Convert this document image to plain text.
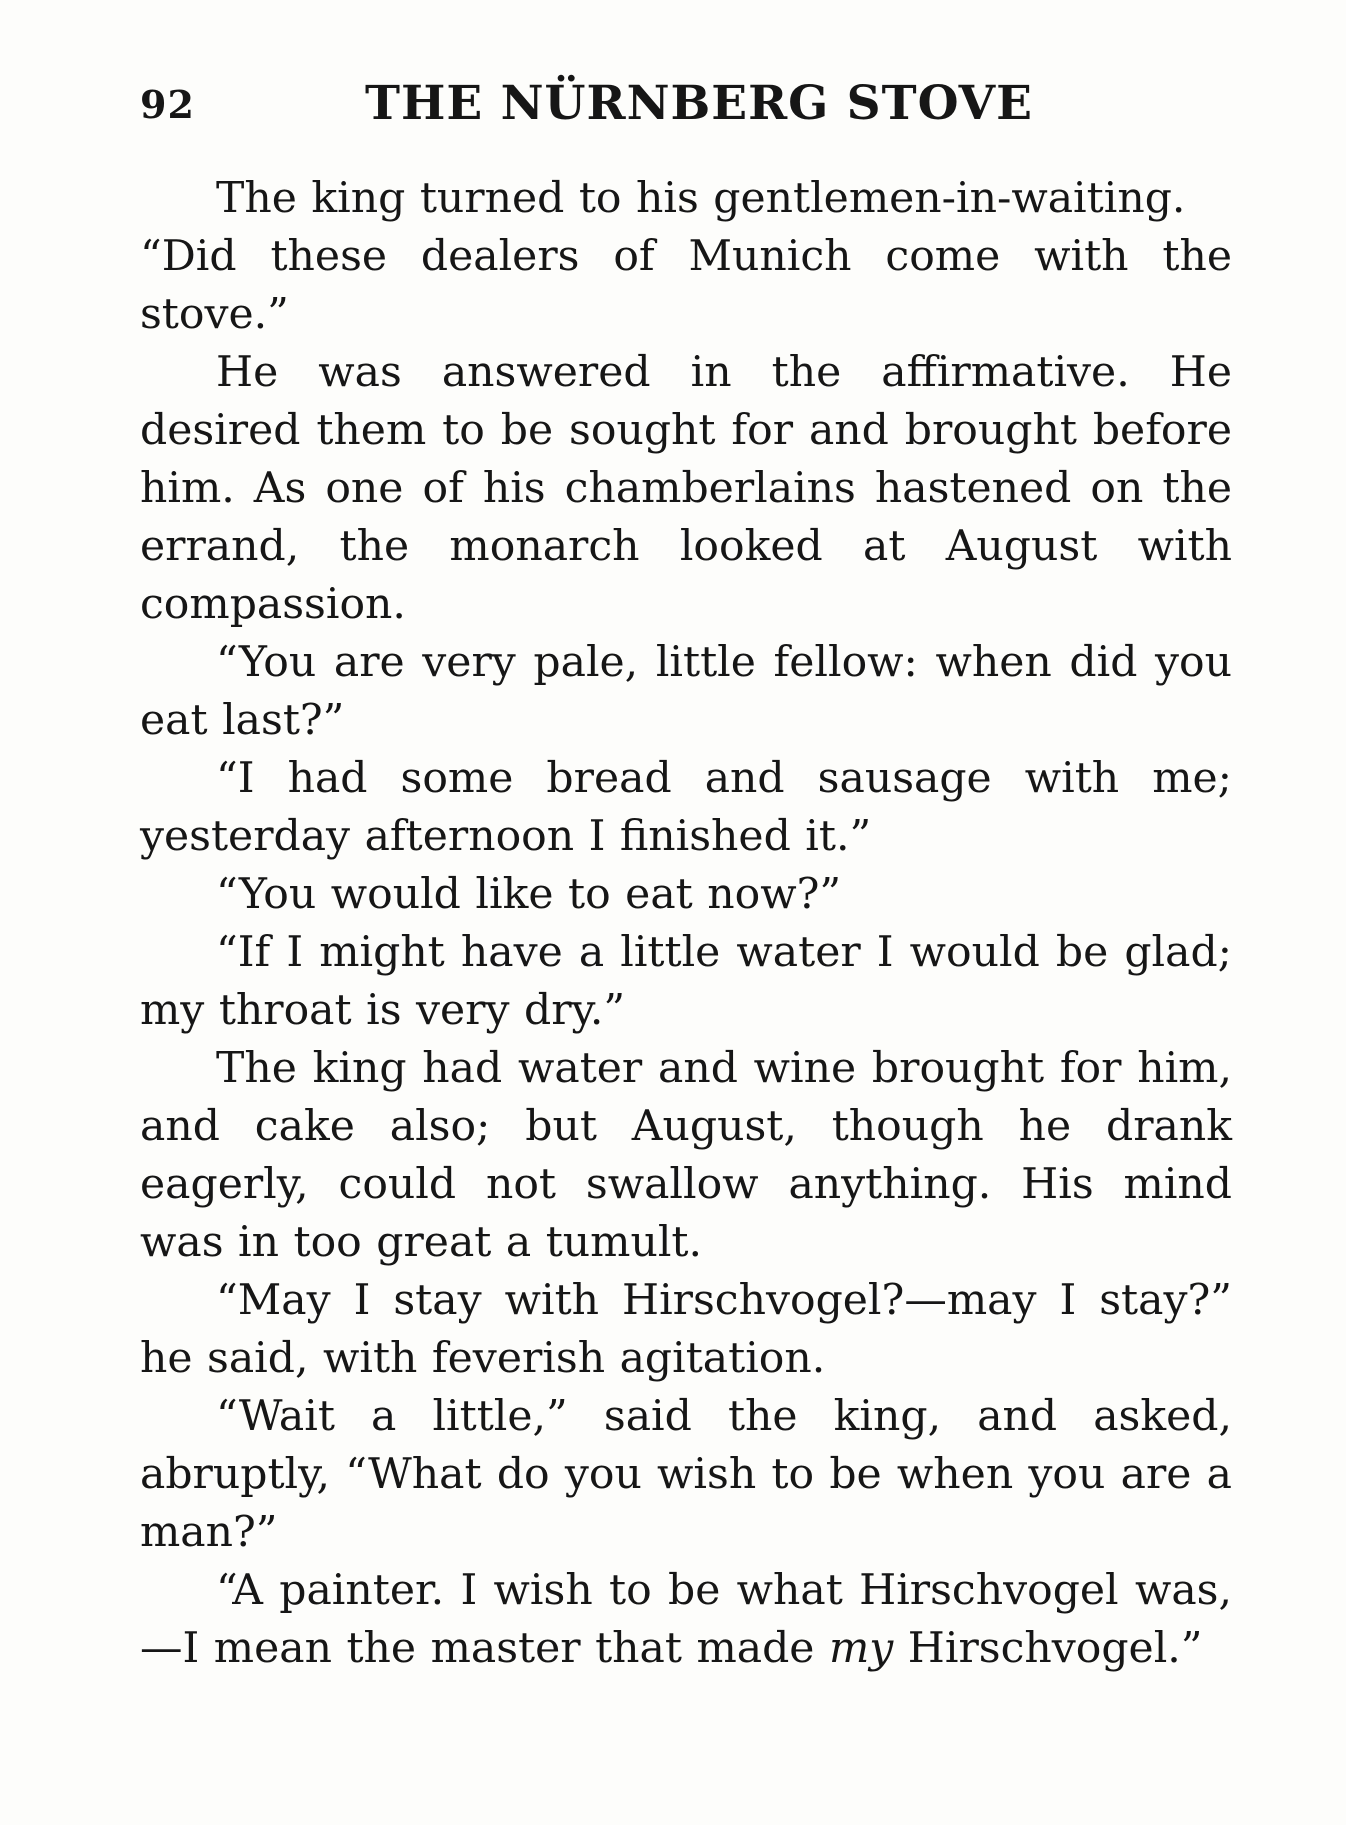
92	THE NÜRNBERG STOVE

The king turned to his gentlemen-in-waiting.

“Did these dealers of Munich come with the stove.”

He was answered in the affirmative. He desired them to be sought for and brought before him. As one of his chamberlains hastened on the errand, the monarch looked at August with compassion.

“You are very pale, little fellow: when did you eat last?”

“I had some bread and sausage with me; yesterday afternoon I finished it.”

“You would like to eat now?”

“If I might have a little water I would be glad; my throat is very dry.”

The king had water and wine brought for him, and cake also; but August, though he drank eagerly, could not swallow anything. His mind was in too great a tumult.

“May I stay with Hirschvogel?—may I stay?” he said, with feverish agitation.

“Wait a little,” said the king, and asked, abruptly, “What do you wish to be when you are a man?”

“A painter. I wish to be what Hirschvogel was,—I mean the master that made my Hirschvogel.”
